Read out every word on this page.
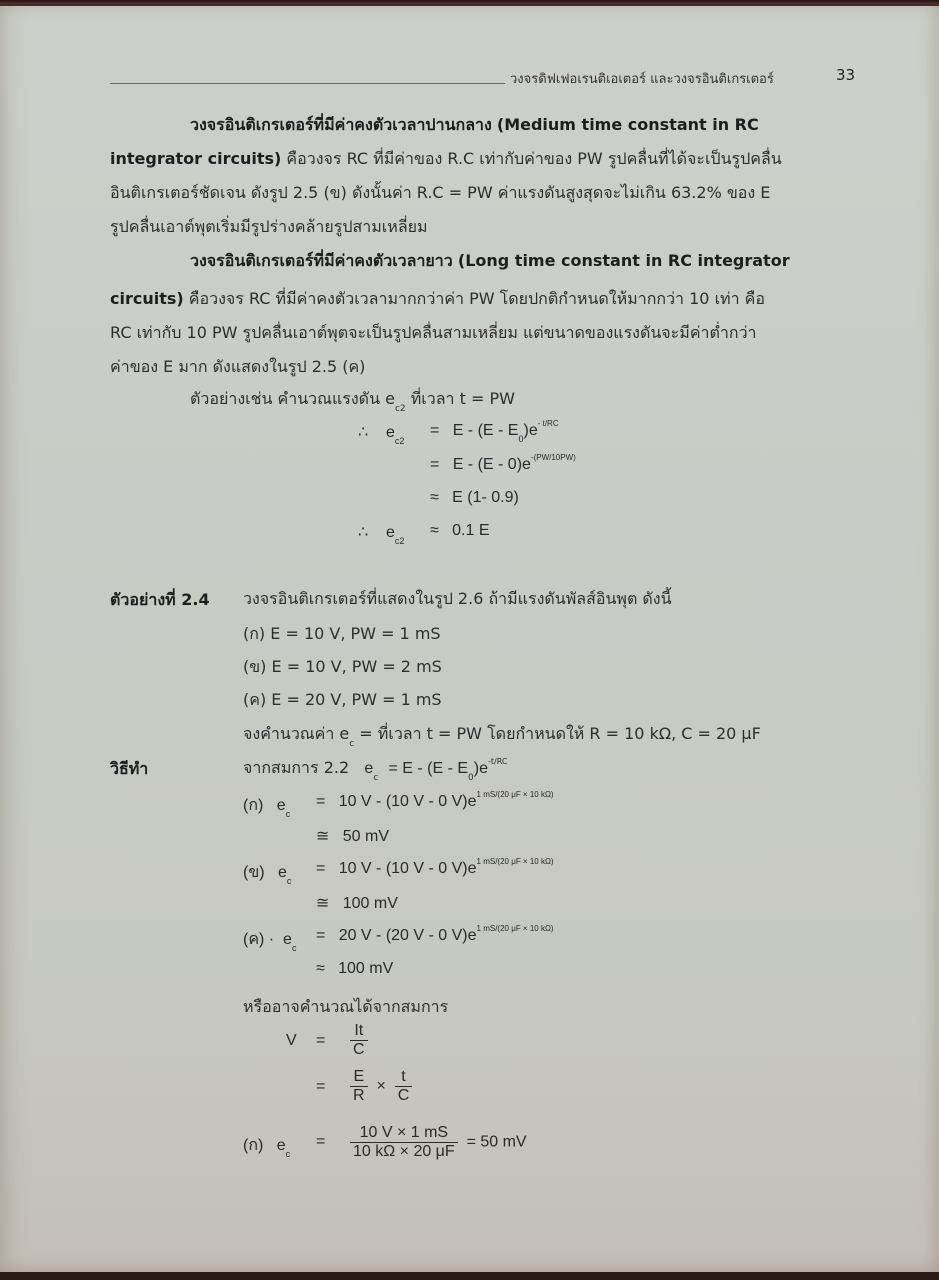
วงจรดิฟเฟอเรนติเอเตอร์ และวงจรอินติเกรเตอร์	33
วงจรอินติเกรเตอร์ที่มีค่าคงตัวเวลาปานกลาง (Medium time constant in RC
integrator circuits) คือวงจร RC ที่มีค่าของ R.C เท่ากับค่าของ PW รูปคลื่นที่ได้จะเป็นรูปคลื่น
อินติเกรเตอร์ชัดเจน ดังรูป 2.5 (ข) ดังนั้นค่า R.C = PW ค่าแรงดันสูงสุดจะไม่เกิน 63.2% ของ E
รูปคลื่นเอาต์พุตเริ่มมีรูปร่างคล้ายรูปสามเหลี่ยม
วงจรอินติเกรเตอร์ที่มีค่าคงตัวเวลายาว (Long time constant in RC integrator
circuits) คือวงจร RC ที่มีค่าคงตัวเวลามากกว่าค่า PW โดยปกติกำหนดให้มากกว่า 10 เท่า คือ
RC เท่ากับ 10 PW รูปคลื่นเอาต์พุตจะเป็นรูปคลื่นสามเหลี่ยม แต่ขนาดของแรงดันจะมีค่าต่ำกว่า
ค่าของ E มาก ดังแสดงในรูป 2.5 (ค)
ตัวอย่างเช่น คำนวณแรงดัน $e_{c2}$ ที่เวลา t = PW
∴ $e_{c2}$
= E - $(E - E_0)e^{- t/RC}$
= E - $(E - 0)e^{-(PW/10PW)}$
≈ E (1- 0.9)
∴ $e_{c2}$
≈ 0.1 E
ตัวอย่างที่ 2.4 วงจรอินติเกรเตอร์ที่แสดงในรูป 2.6 ถ้ามีแรงดันพัลส์อินพุต ดังนี้
(ก) E = 10 V, PW = 1 mS
(ข) E = 10 V, PW = 2 mS
(ค) E = 20 V, PW = 1 mS
จงคำนวณค่า $e_c$ = ที่เวลา t = PW โดยกำหนดให้ R = 10 kΩ, C = 20 μF
วิธีทำ	จากสมการ 2.2 $e_c = E - (E - E_0)e^{-t/RC}$
(ก) $e_c$
=   10 V - (10 V - 0 $V)e^{1 mS/(20 \mu F \times 10 k\Omega)}$
≅ 50 mV
(ข) $e_c$
=   10 V - (10 V - 0 $V)e^{1 mS/(20 \mu F \times 10 k\Omega)}$
≅ 100 mV
(ค) · $e_c$
=   20 V - (20 V - 0 $V)e^{1 mS/(20 \mu F \times 10 k\Omega)}$
≈ 100 mV
หรืออาจคำนวณได้จากสมการ
$V = \frac{It}{C}$
= $\frac{E}{R} \times \frac{t}{C}$
(ก) $e_c$
= $\frac{10 V \times 1 mS}{10 k\Omega \times 20 \mu F} = 50$ mV
